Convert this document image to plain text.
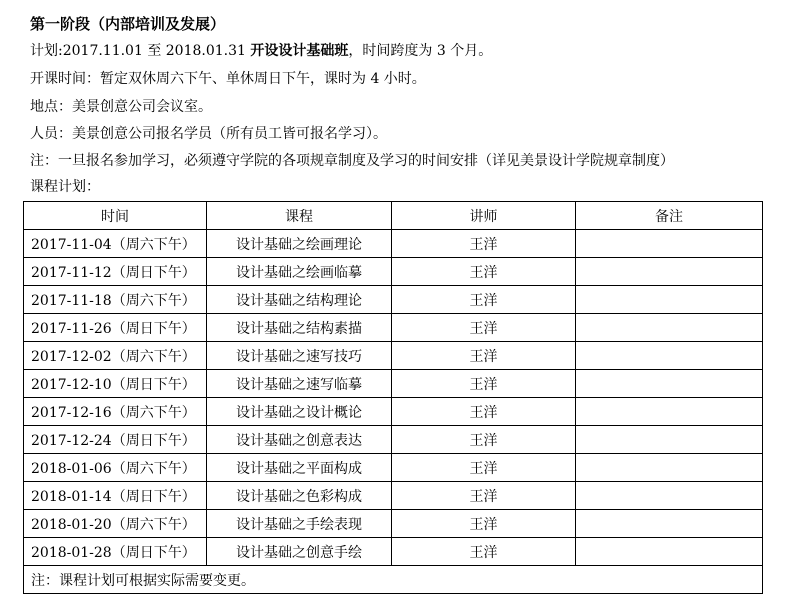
第一阶段（内部培训及发展）
计划:2017.11.01 至 2018.01.31 开设设计基础班，时间跨度为 3 个月。
开课时间：暂定双休周六下午、单休周日下午，课时为 4 小时。
地点：美景创意公司会议室。
人员：美景创意公司报名学员（所有员工皆可报名学习）。
注：一旦报名参加学习，必须遵守学院的各项规章制度及学习的时间安排（详见美景设计学院规章制度）
课程计划：
时间	课程	讲师	备注
2017-11-04（周六下午）	设计基础之绘画理论	王洋	
2017-11-12（周日下午）	设计基础之绘画临摹	王洋	
2017-11-18（周六下午）	设计基础之结构理论	王洋	
2017-11-26（周日下午）	设计基础之结构素描	王洋	
2017-12-02（周六下午）	设计基础之速写技巧	王洋	
2017-12-10（周日下午）	设计基础之速写临摹	王洋	
2017-12-16（周六下午）	设计基础之设计概论	王洋	
2017-12-24（周日下午）	设计基础之创意表达	王洋	
2018-01-06（周六下午）	设计基础之平面构成	王洋	
2018-01-14（周日下午）	设计基础之色彩构成	王洋	
2018-01-20（周六下午）	设计基础之手绘表现	王洋	
2018-01-28（周日下午）	设计基础之创意手绘	王洋	
注：课程计划可根据实际需要变更。			
